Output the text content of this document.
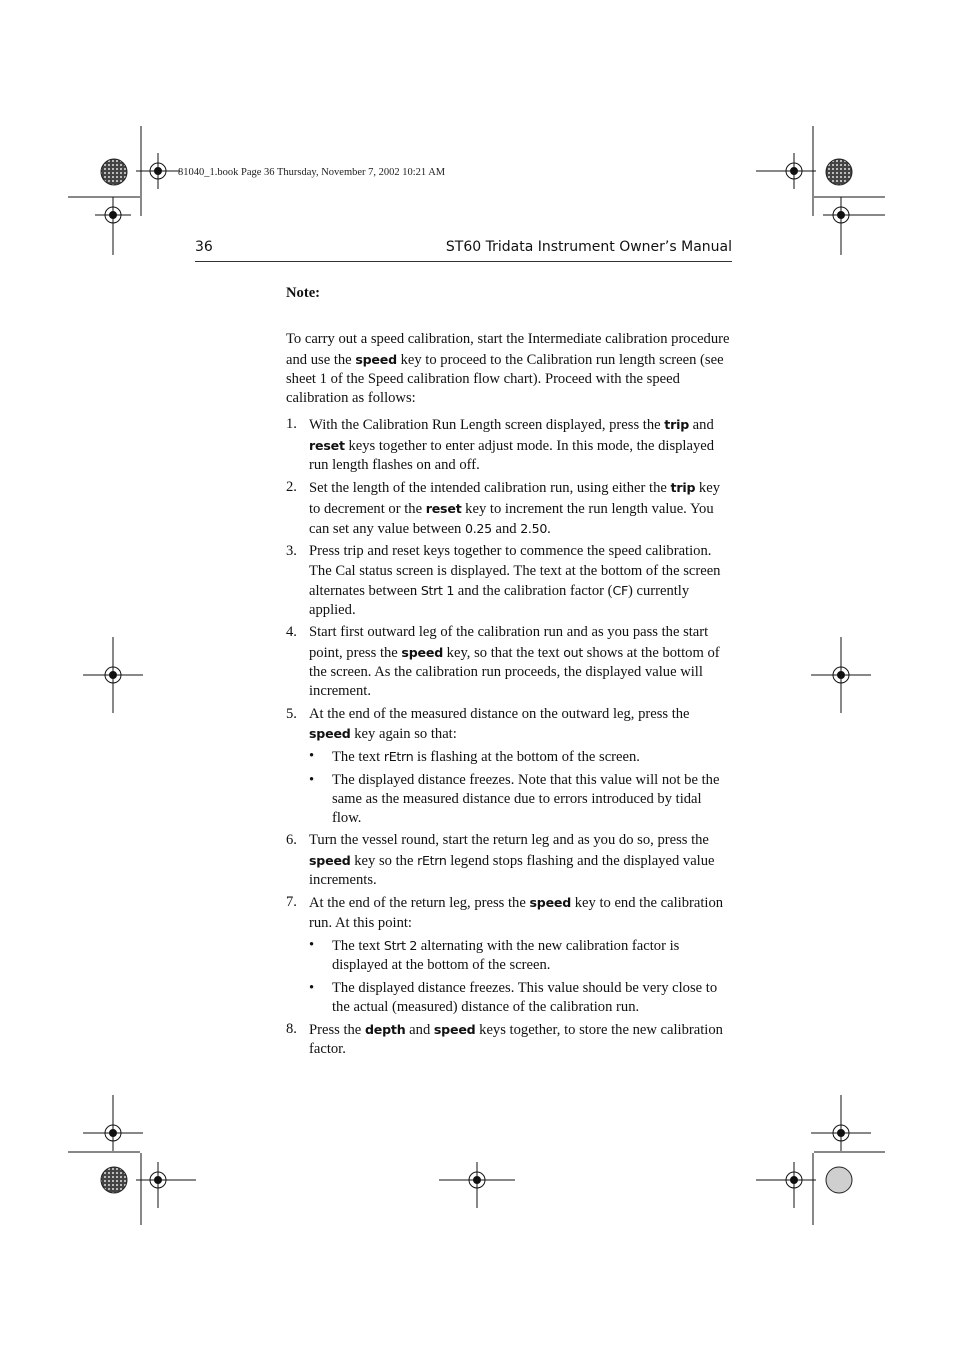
81040_1.book Page 36 Thursday, November 7, 2002 10:21 AM
36	ST60 Tridata Instrument Owner’s Manual

Note:

To carry out a speed calibration, start the Intermediate calibration procedure and use the speed key to proceed to the Calibration run length screen (see sheet 1 of the Speed calibration flow chart). Proceed with the speed calibration as follows:

1. With the Calibration Run Length screen displayed, press the trip and reset keys together to enter adjust mode. In this mode, the displayed run length flashes on and off.
2. Set the length of the intended calibration run, using either the trip key to decrement or the reset key to increment the run length value. You can set any value between 0.25 and 2.50.
3. Press trip and reset keys together to commence the speed calibration. The Cal status screen is displayed. The text at the bottom of the screen alternates between Strt 1 and the calibration factor (CF) currently applied.
4. Start first outward leg of the calibration run and as you pass the start point, press the speed key, so that the text out shows at the bottom of the screen. As the calibration run proceeds, the displayed value will increment.
5. At the end of the measured distance on the outward leg, press the speed key again so that:
• The text rEtrn is flashing at the bottom of the screen.
• The displayed distance freezes. Note that this value will not be the same as the measured distance due to errors introduced by tidal flow.
6. Turn the vessel round, start the return leg and as you do so, press the speed key so the rEtrn legend stops flashing and the displayed value increments.
7. At the end of the return leg, press the speed key to end the calibration run. At this point:
• The text Strt 2 alternating with the new calibration factor is displayed at the bottom of the screen.
• The displayed distance freezes. This value should be very close to the actual (measured) distance of the calibration run.
8. Press the depth and speed keys together, to store the new calibration factor.
